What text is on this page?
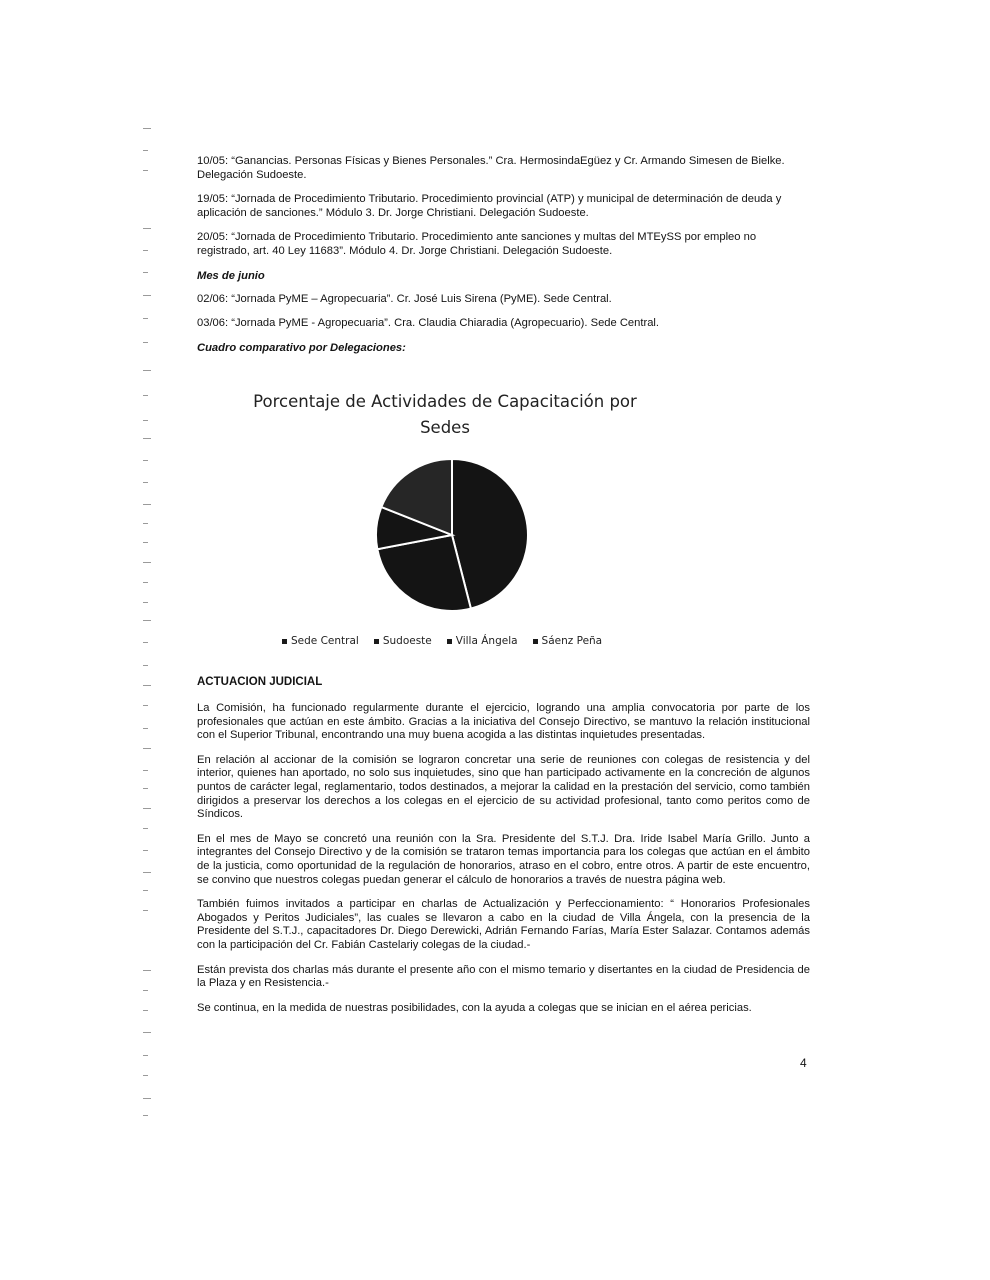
10/05: “Ganancias. Personas Físicas y Bienes Personales.” Cra. HermosindaEgüez y Cr. Armando Simesen de Bielke. Delegación Sudoeste.

19/05: “Jornada de Procedimiento Tributario. Procedimiento provincial (ATP) y municipal de determinación de deuda y aplicación de sanciones.” Módulo 3. Dr. Jorge Christiani. Delegación Sudoeste.

20/05: “Jornada de Procedimiento Tributario. Procedimiento ante sanciones y multas del MTEySS por empleo no registrado, art. 40 Ley 11683”. Módulo 4. Dr. Jorge Christiani. Delegación Sudoeste.

Mes de junio

02/06: “Jornada PyME – Agropecuaria”. Cr. José Luis Sirena (PyME). Sede Central.

03/06: “Jornada PyME - Agropecuaria”. Cra. Claudia Chiaradia (Agropecuario). Sede Central.

Cuadro comparativo por Delegaciones:

Porcentaje de Actividades de Capacitación por Sedes
Sede Central Sudoeste Villa Ángela Sáenz Peña

ACTUACION JUDICIAL

La Comisión, ha funcionado regularmente durante el ejercicio, logrando una amplia convocatoria por parte de los profesionales que actúan en este ámbito. Gracias a la iniciativa del Consejo Directivo, se mantuvo la relación institucional con el Superior Tribunal, encontrando una muy buena acogida a las distintas inquietudes presentadas.

En relación al accionar de la comisión se lograron concretar una serie de reuniones con colegas de resistencia y del interior, quienes han aportado, no solo sus inquietudes, sino que han participado activamente en la concreción de algunos puntos de carácter legal, reglamentario, todos destinados, a mejorar la calidad en la prestación del servicio, como también dirigidos a preservar los derechos a los colegas en el ejercicio de su actividad profesional, tanto como peritos como de Síndicos.

En el mes de Mayo se concretó una reunión con la Sra. Presidente del S.T.J. Dra. Iride Isabel María Grillo. Junto a integrantes del Consejo Directivo y de la comisión se trataron temas importancia para los colegas que actúan en el ámbito de la justicia, como oportunidad de la regulación de honorarios, atraso en el cobro, entre otros. A partir de este encuentro, se convino que nuestros colegas puedan generar el cálculo de honorarios a través de nuestra página web.

También fuimos invitados a participar en charlas de Actualización y Perfeccionamiento: “ Honorarios Profesionales Abogados y Peritos Judiciales”, las cuales se llevaron a cabo en la ciudad de Villa Ángela, con la presencia de la Presidente del S.T.J., capacitadores Dr. Diego Derewicki, Adrián Fernando Farías, María Ester Salazar. Contamos además con la participación del Cr. Fabián Castelariy colegas de la ciudad.-

Están prevista dos charlas más durante el presente año con el mismo temario y disertantes en la ciudad de Presidencia de la Plaza y en Resistencia.-

Se continua, en la medida de nuestras posibilidades, con la ayuda a colegas que se inician en el aérea pericias.

4
